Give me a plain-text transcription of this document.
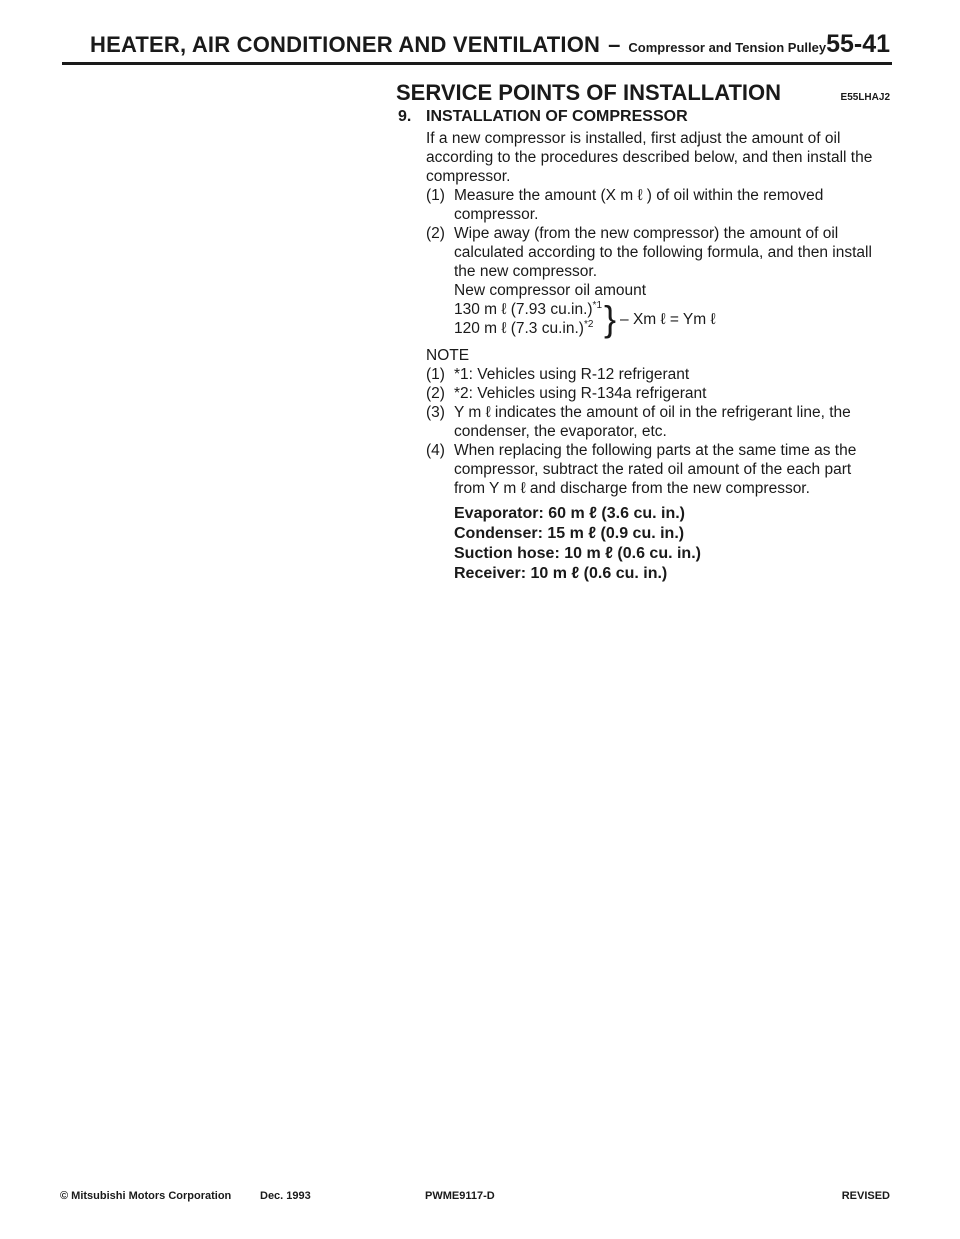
HEATER, AIR CONDITIONER AND VENTILATION – Compressor and Tension Pulley 55-41
SERVICE POINTS OF INSTALLATION	E55LHAJ2
9. INSTALLATION OF COMPRESSOR

If a new compressor is installed, first adjust the amount of oil according to the procedures described below, and then install the compressor.

(1) Measure the amount (X m ℓ ) of oil within the removed compressor.
(2) Wipe away (from the new compressor) the amount of oil calculated according to the following formula, and then install the new compressor.
New compressor oil amount
130 m ℓ (7.93 cu.in.)$^{*1}$
120 m ℓ (7.3 cu.in.)$^{*2}$ } – Xm ℓ = Ym ℓ
NOTE
(1) *1: Vehicles using R-12 refrigerant
(2) *2: Vehicles using R-134a refrigerant
(3) Y m ℓ indicates the amount of oil in the refrigerant line, the condenser, the evaporator, etc.
(4) When replacing the following parts at the same time as the compressor, subtract the rated oil amount of the each part from Y m ℓ and discharge from the new compressor.
Evaporator: 60 m ℓ (3.6 cu. in.)
Condenser: 15 m ℓ (0.9 cu. in.)
Suction hose: 10 m ℓ (0.6 cu. in.)
Receiver: 10 m ℓ (0.6 cu. in.)
© Mitsubishi Motors Corporation	Dec. 1993	PWME9117-D	REVISED
